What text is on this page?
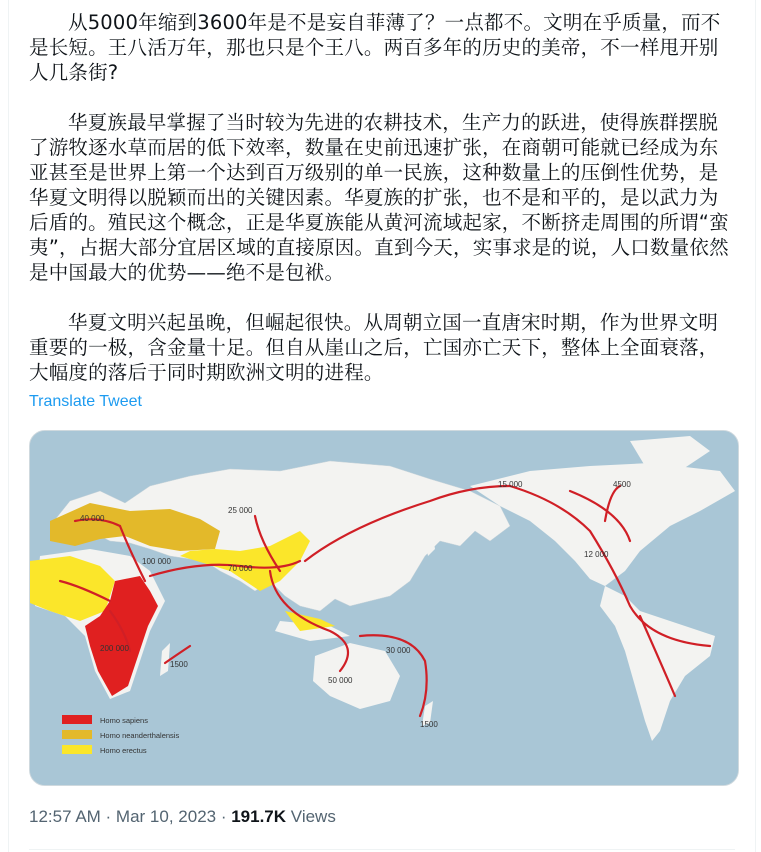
从5000年缩到3600年是不是妄自菲薄了？一点都不。文明在乎质量，而不是长短。王八活万年，那也只是个王八。两百多年的历史的美帝，不一样甩开别人几条街?

华夏族最早掌握了当时较为先进的农耕技术，生产力的跃进，使得族群摆脱了游牧逐水草而居的低下效率，数量在史前迅速扩张，在商朝可能就已经成为东亚甚至是世界上第一个达到百万级别的单一民族，这种数量上的压倒性优势，是华夏文明得以脱颖而出的关键因素。华夏族的扩张，也不是和平的，是以武力为后盾的。殖民这个概念，正是华夏族能从黄河流域起家，不断挤走周围的所谓“蛮夷”，占据大部分宜居区域的直接原因。直到今天，实事求是的说，人口数量依然是中国最大的优势——绝不是包袱。

华夏文明兴起虽晚，但崛起很快。从周朝立国一直唐宋时期，作为世界文明重要的一极，含金量十足。但自从崖山之后，亡国亦亡天下，整体上全面衰落，大幅度的落后于同时期欧洲文明的进程。

Translate Tweet
40 000
25 000
100 000
70 000
15 000	4500
12 000
200 000
1500
30 000
50 000
1500
Homo sapiens
Homo neanderthalensis
Homo erectus
12:57 AM · Mar 10, 2023 · 191.7K Views
